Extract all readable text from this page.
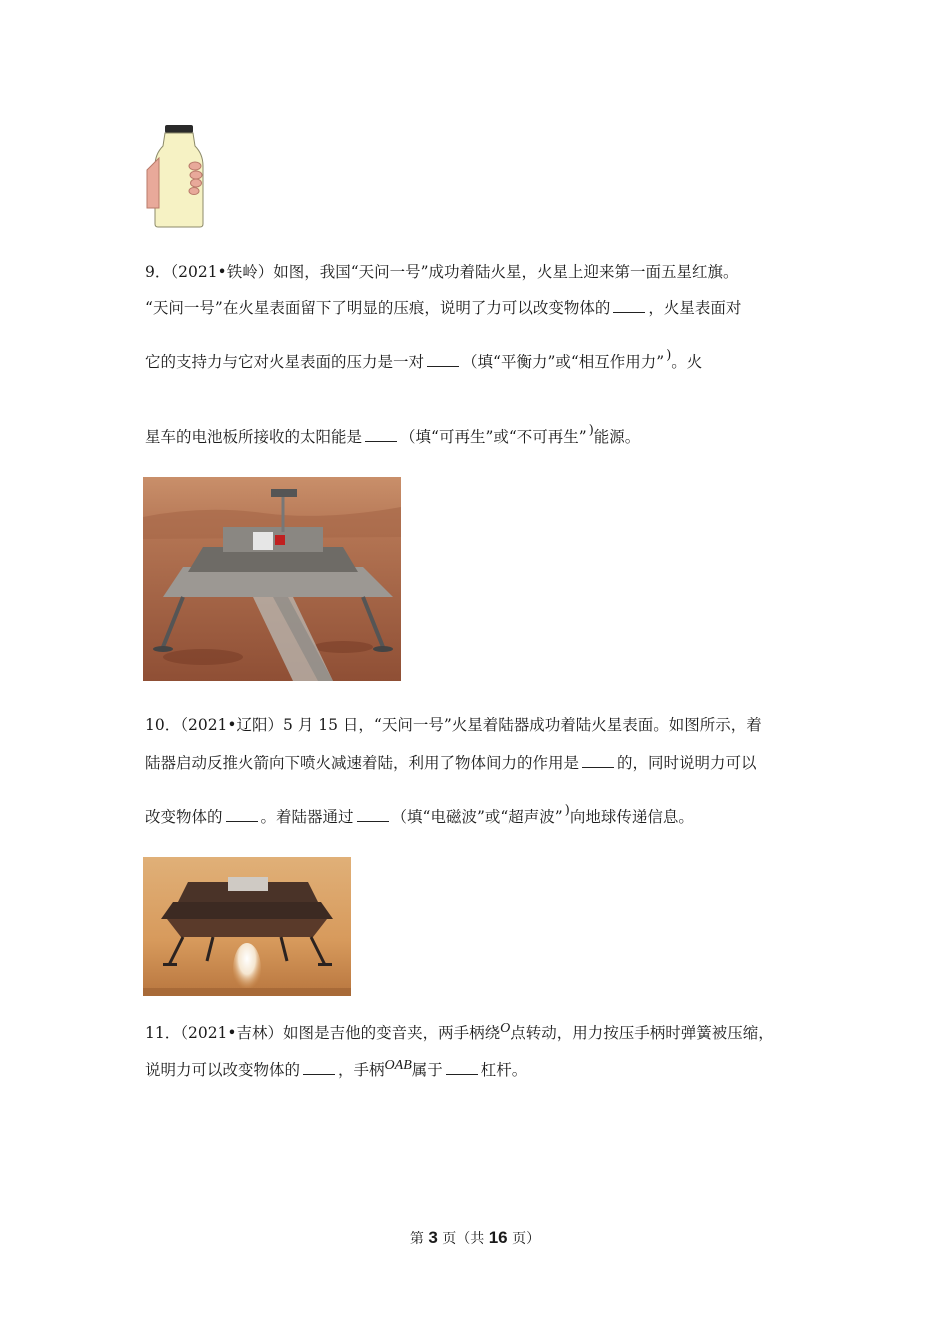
9．（2021•铁岭）如图，我国“天问一号”成功着陆火星，火星上迎来第一面五星红旗。
“天问一号”在火星表面留下了明显的压痕，说明了力可以改变物体的 ，火星表面对
它的支持力与它对火星表面的压力是一对 （填“平衡力”或“相互作用力” )。火
星车的电池板所接收的太阳能是 （填“可再生”或“不可再生” )能源。
10．（2021•辽阳）5 月 15 日，“天问一号”火星着陆器成功着陆火星表面。如图所示，着
陆器启动反推火箭向下喷火减速着陆，利用了物体间力的作用是 的，同时说明力可以
改变物体的 。着陆器通过 （填“电磁波”或“超声波” )向地球传递信息。
11．（2021•吉林）如图是吉他的变音夹，两手柄绕O点转动，用力按压手柄时弹簧被压缩，
说明力可以改变物体的 ，手柄OAB属于 杠杆。
第 3 页（共 16 页）
